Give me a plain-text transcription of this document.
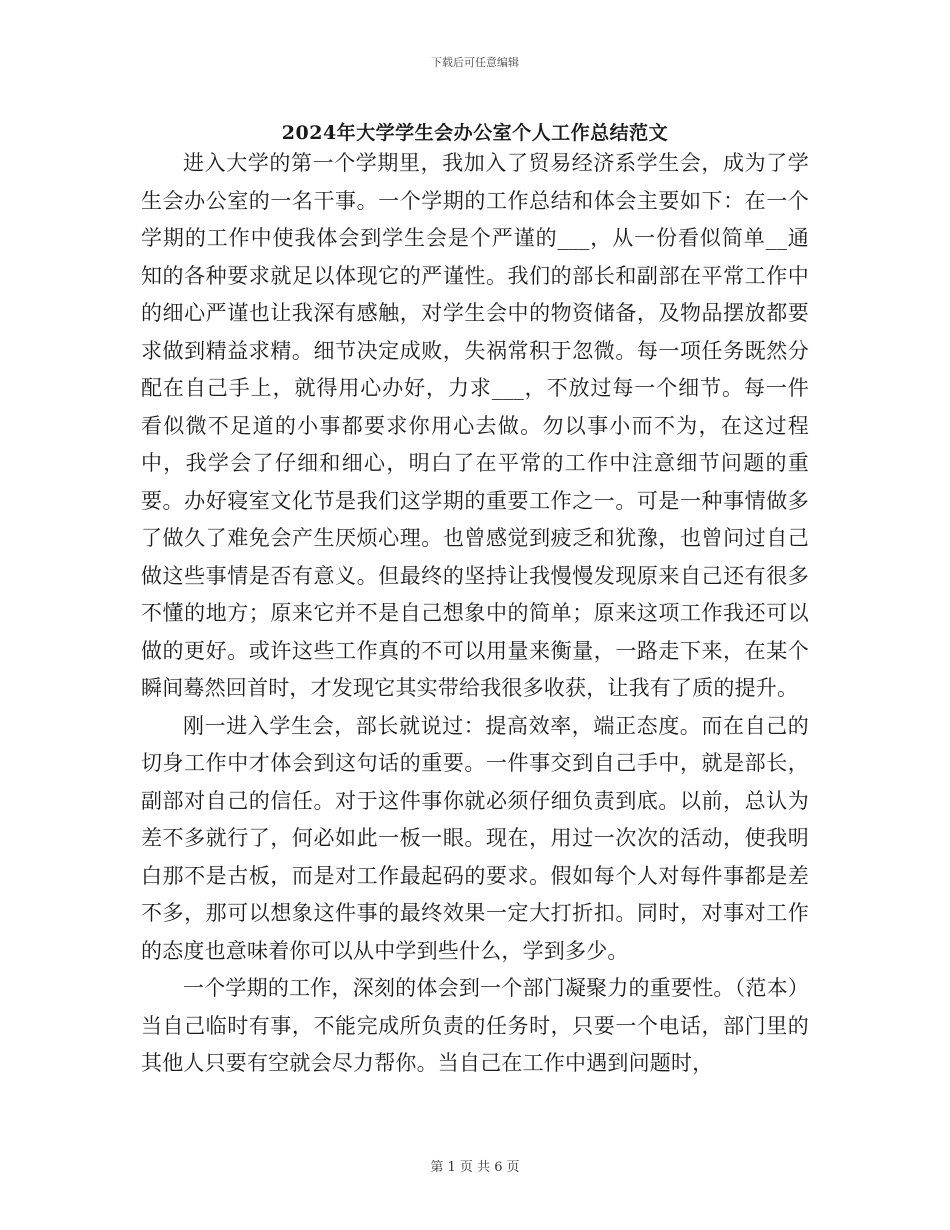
下载后可任意编辑
2024年大学学生会办公室个人工作总结范文

进入大学的第一个学期里，我加入了贸易经济系学生会，成为了学生会办公室的一名干事。一个学期的工作总结和体会主要如下：在一个学期的工作中使我体会到学生会是个严谨的___，从一份看似简单__通知的各种要求就足以体现它的严谨性。我们的部长和副部在平常工作中的细心严谨也让我深有感触，对学生会中的物资储备，及物品摆放都要求做到精益求精。细节决定成败，失祸常积于忽微。每一项任务既然分配在自己手上，就得用心办好，力求___，不放过每一个细节。每一件看似微不足道的小事都要求你用心去做。勿以事小而不为，在这过程中，我学会了仔细和细心，明白了在平常的工作中注意细节问题的重要。办好寝室文化节是我们这学期的重要工作之一。可是一种事情做多了做久了难免会产生厌烦心理。也曾感觉到疲乏和犹豫，也曾问过自己做这些事情是否有意义。但最终的坚持让我慢慢发现原来自己还有很多不懂的地方；原来它并不是自己想象中的简单；原来这项工作我还可以做的更好。或许这些工作真的不可以用量来衡量，一路走下来，在某个瞬间蓦然回首时，才发现它其实带给我很多收获，让我有了质的提升。

刚一进入学生会，部长就说过：提高效率，端正态度。而在自己的切身工作中才体会到这句话的重要。一件事交到自己手中，就是部长，副部对自己的信任。对于这件事你就必须仔细负责到底。以前，总认为差不多就行了，何必如此一板一眼。现在，用过一次次的活动，使我明白那不是古板，而是对工作最起码的要求。假如每个人对每件事都是差不多，那可以想象这件事的最终效果一定大打折扣。同时，对事对工作的态度也意味着你可以从中学到些什么，学到多少。

一个学期的工作，深刻的体会到一个部门凝聚力的重要性。（范本）当自己临时有事，不能完成所负责的任务时，只要一个电话，部门里的其他人只要有空就会尽力帮你。当自己在工作中遇到问题时，

第 1 页 共 6 页
